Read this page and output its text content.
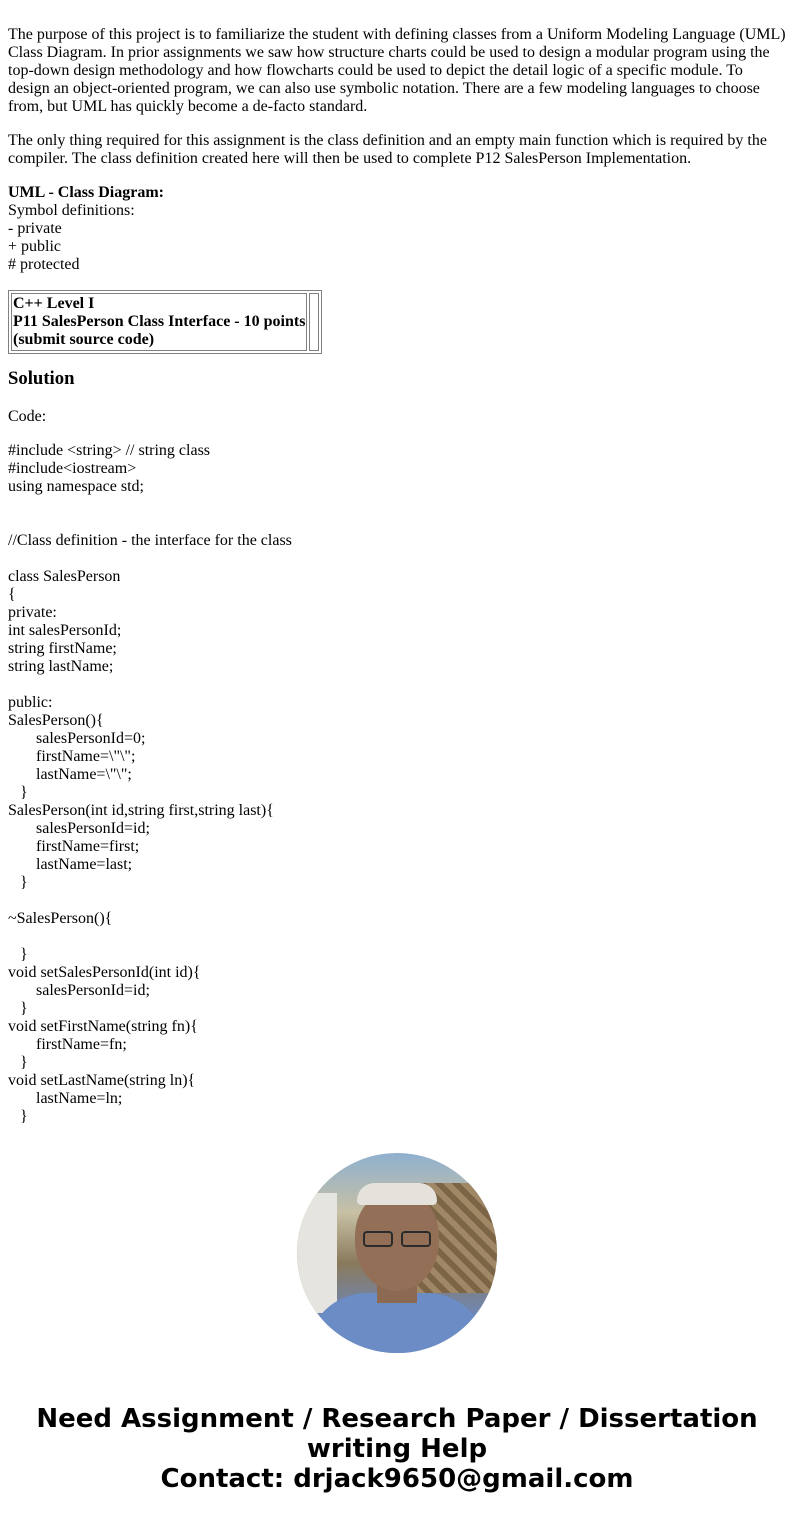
The purpose of this project is to familiarize the student with defining classes from a Uniform Modeling Language (UML) Class Diagram. In prior assignments we saw how structure charts could be used to design a modular program using the top-down design methodology and how flowcharts could be used to depict the detail logic of a specific module. To design an object-oriented program, we can also use symbolic notation. There are a few modeling languages to choose from, but UML has quickly become a de-facto standard.

The only thing required for this assignment is the class definition and an empty main function which is required by the compiler. The class definition created here will then be used to complete P12 SalesPerson Implementation.

UML - Class Diagram:
Symbol definitions:
- private
+ public
# protected

C++ Level I
P11 SalesPerson Class Interface - 10 points
(submit source code)

Solution

Code:

#include <string> // string class
#include<iostream>
using namespace std;
//Class definition - the interface for the class
class SalesPerson
{
private:
int salesPersonId;
string firstName;
string lastName;
public:
SalesPerson(){
salesPersonId=0;
firstName=\"\";
lastName=\"\";
}
SalesPerson(int id,string first,string last){
salesPersonId=id;
firstName=first;
lastName=last;
}
~SalesPerson(){
}
void setSalesPersonId(int id){
salesPersonId=id;
}
void setFirstName(string fn){
firstName=fn;
}
void setLastName(string ln){
lastName=ln;
}
Need Assignment / Research Paper / Dissertation
writing Help
Contact: drjack9650@gmail.com
